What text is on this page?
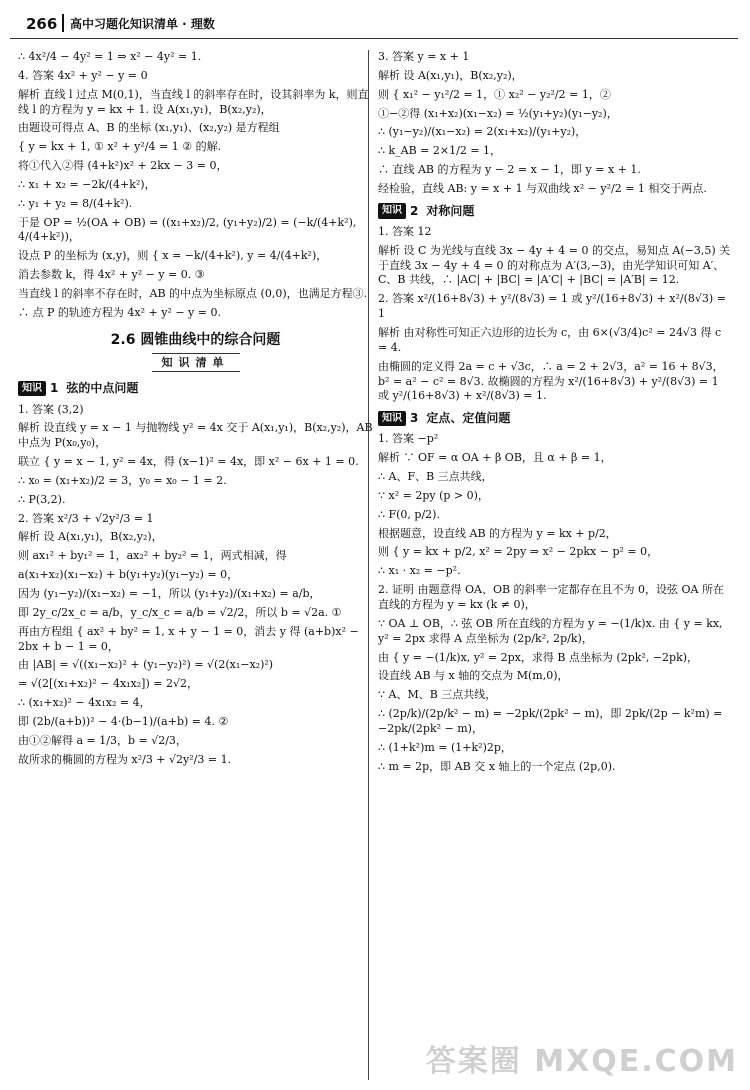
266 高中习题化知识清单 · 理数
∴ 4x²/4 − 4y² = 1 ⇒ x² − 4y² = 1.
4. 答案 4x² + y² − y = 0
解析 直线 l 过点 M(0,1)，当直线 l 的斜率存在时，设其斜率为 k，则直线 l 的方程为 y = kx + 1. 设 A(x₁,y₁)，B(x₂,y₂)，
由题设可得点 A、B 的坐标 (x₁,y₁)、(x₂,y₂) 是方程组
{ y = kx + 1, ① x² + y²/4 = 1 ② 的解.
将①代入②得 (4+k²)x² + 2kx − 3 = 0，
∴ x₁ + x₂ = −2k/(4+k²)，
∴ y₁ + y₂ = 8/(4+k²).
于是 OP = ½(OA + OB) = ((x₁+x₂)/2, (y₁+y₂)/2) = (−k/(4+k²), 4/(4+k²))，
设点 P 的坐标为 (x,y)，则 { x = −k/(4+k²), y = 4/(4+k²)，
消去参数 k，得 4x² + y² − y = 0. ③
当直线 l 的斜率不存在时，AB 的中点为坐标原点 (0,0)，也满足方程③.
∴ 点 P 的轨迹方程为 4x² + y² − y = 0.
2.6 圆锥曲线中的综合问题
知识清单
知识 1 弦的中点问题
1. 答案 (3,2)
解析 设直线 y = x − 1 与抛物线 y² = 4x 交于 A(x₁,y₁)，B(x₂,y₂)，AB 中点为 P(x₀,y₀)，
联立 { y = x − 1, y² = 4x，得 (x−1)² = 4x，即 x² − 6x + 1 = 0.
∴ x₀ = (x₁+x₂)/2 = 3，y₀ = x₀ − 1 = 2.
∴ P(3,2).
2. 答案 x²/3 + √2y²/3 = 1
解析 设 A(x₁,y₁)，B(x₂,y₂)，
则 ax₁² + by₁² = 1，ax₂² + by₂² = 1，两式相减，得
a(x₁+x₂)(x₁−x₂) + b(y₁+y₂)(y₁−y₂) = 0，
因为 (y₁−y₂)/(x₁−x₂) = −1，所以 (y₁+y₂)/(x₁+x₂) = a/b，
即 2y_c/2x_c = a/b，y_c/x_c = a/b = √2/2，所以 b = √2a. ①
再由方程组 { ax² + by² = 1, x + y − 1 = 0，消去 y 得 (a+b)x² − 2bx + b − 1 = 0，
由 |AB| = √((x₁−x₂)² + (y₁−y₂)²) = √(2(x₁−x₂)²)
= √(2[(x₁+x₂)² − 4x₁x₂]) = 2√2，
∴ (x₁+x₂)² − 4x₁x₂ = 4，
即 (2b/(a+b))² − 4·(b−1)/(a+b) = 4. ②
由①②解得 a = 1/3，b = √2/3，
故所求的椭圆的方程为 x²/3 + √2y²/3 = 1.
3. 答案 y = x + 1
解析 设 A(x₁,y₁)，B(x₂,y₂)，
则 { x₁² − y₁²/2 = 1，① x₂² − y₂²/2 = 1，②
①−②得 (x₁+x₂)(x₁−x₂) = ½(y₁+y₂)(y₁−y₂)，
∴ (y₁−y₂)/(x₁−x₂) = 2(x₁+x₂)/(y₁+y₂)，
∴ k_AB = 2×1/2 = 1，
∴ 直线 AB 的方程为 y − 2 = x − 1，即 y = x + 1.
经检验，直线 AB: y = x + 1 与双曲线 x² − y²/2 = 1 相交于两点.
知识 2 对称问题
1. 答案 12
解析 设 C 为光线与直线 3x − 4y + 4 = 0 的交点，易知点 A(−3,5) 关于直线 3x − 4y + 4 = 0 的对称点为 A′(3,−3)，由光学知识可知 A′、C、B 共线，∴ |AC| + |BC| = |A′C| + |BC| = |A′B| = 12.
2. 答案 x²/(16+8√3) + y²/(8√3) = 1 或 y²/(16+8√3) + x²/(8√3) = 1
解析 由对称性可知正六边形的边长为 c，由 6×(√3/4)c² = 24√3 得 c = 4.
由椭圆的定义得 2a = c + √3c，∴ a = 2 + 2√3，a² = 16 + 8√3，b² = a² − c² = 8√3. 故椭圆的方程为 x²/(16+8√3) + y²/(8√3) = 1 或 y²/(16+8√3) + x²/(8√3) = 1.
知识 3 定点、定值问题
1. 答案 −p²
解析 ∵ OF = α OA + β OB，且 α + β = 1，
∴ A、F、B 三点共线，
∵ x² = 2py (p > 0)，
∴ F(0, p/2).
根据题意，设直线 AB 的方程为 y = kx + p/2，
则 { y = kx + p/2, x² = 2py ⇒ x² − 2pkx − p² = 0，
∴ x₁ · x₂ = −p².
2. 证明 由题意得 OA、OB 的斜率一定都存在且不为 0，设弦 OA 所在直线的方程为 y = kx (k ≠ 0)，
∵ OA ⊥ OB，∴ 弦 OB 所在直线的方程为 y = −(1/k)x. 由 { y = kx, y² = 2px 求得 A 点坐标为 (2p/k², 2p/k)，
由 { y = −(1/k)x, y² = 2px，求得 B 点坐标为 (2pk², −2pk)，
设直线 AB 与 x 轴的交点为 M(m,0)，
∵ A、M、B 三点共线，
∴ (2p/k)/(2p/k² − m) = −2pk/(2pk² − m)，即 2pk/(2p − k²m) = −2pk/(2pk² − m)，
∴ (1+k²)m = (1+k²)2p，
∴ m = 2p，即 AB 交 x 轴上的一个定点 (2p,0).
答案圈 MXQE.COM
